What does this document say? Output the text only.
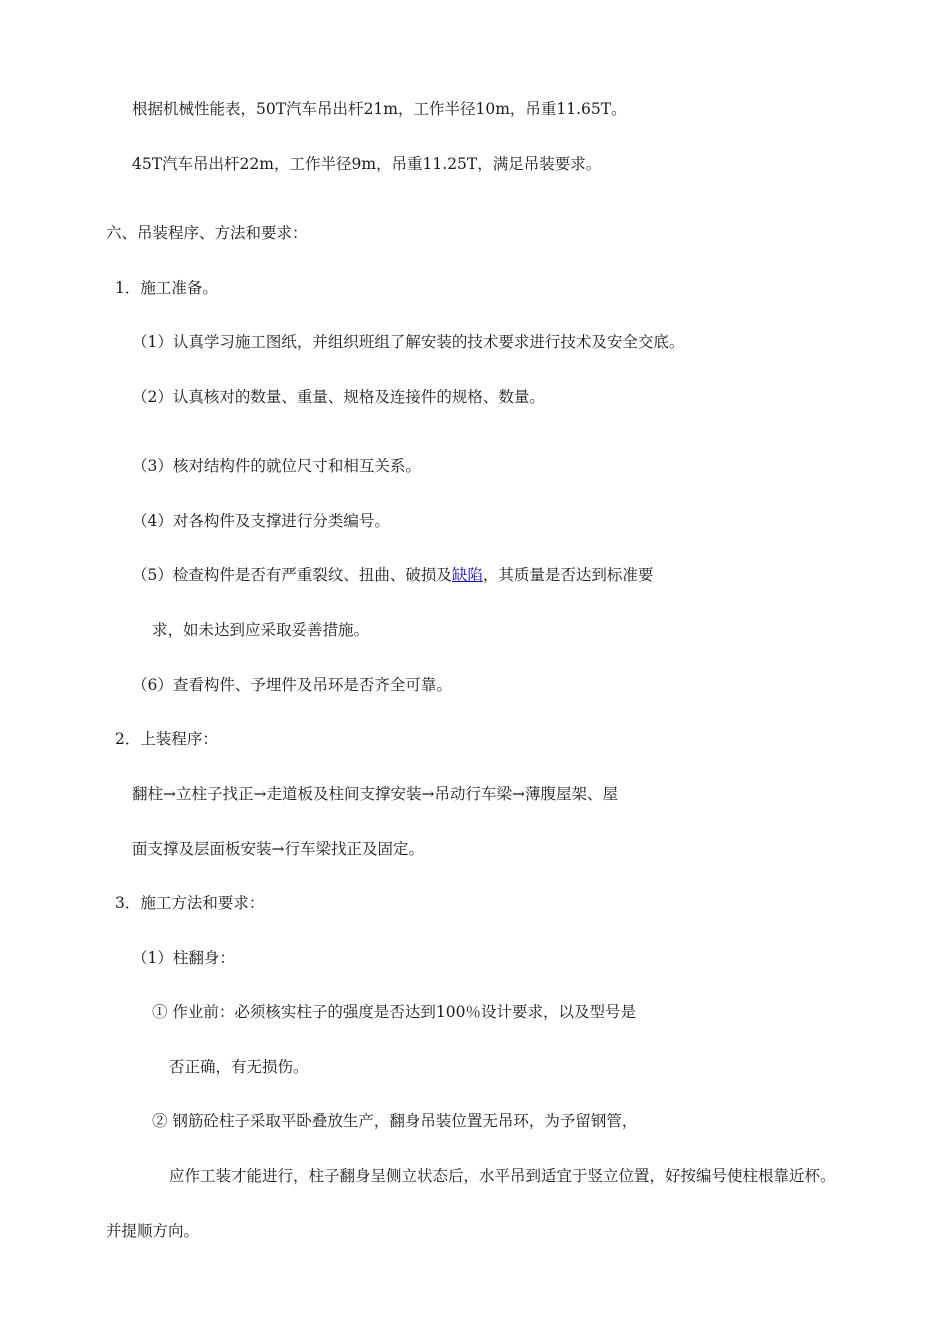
根据机械性能表，50T汽车吊出杆21m，工作半径10m，吊重11.65T。
45T汽车吊出杆22m，工作半径9m，吊重11.25T，满足吊装要求。
六、吊装程序、方法和要求：
1．施工准备。
（1）认真学习施工图纸，并组织班组了解安装的技术要求进行技术及安全交底。
（2）认真核对的数量、重量、规格及连接件的规格、数量。
（3）核对结构件的就位尺寸和相互关系。
（4）对各构件及支撑进行分类编号。
（5）检查构件是否有严重裂纹、扭曲、破损及缺陷，其质量是否达到标准要
求，如未达到应采取妥善措施。
（6）查看构件、予埋件及吊环是否齐全可靠。
2．上装程序：
翻柱→立柱子找正→走道板及柱间支撑安装→吊动行车梁→薄腹屋架、屋
面支撑及层面板安装→行车梁找正及固定。
3．施工方法和要求：
（1）柱翻身：
① 作业前：必须核实柱子的强度是否达到100％设计要求，以及型号是
否正确，有无损伤。
② 钢筋砼柱子采取平卧叠放生产，翻身吊装位置无吊环，为予留钢管，
应作工装才能进行，柱子翻身呈侧立状态后，水平吊到适宜于竖立位置，好按编号使柱根靠近杯。
并提顺方向。
